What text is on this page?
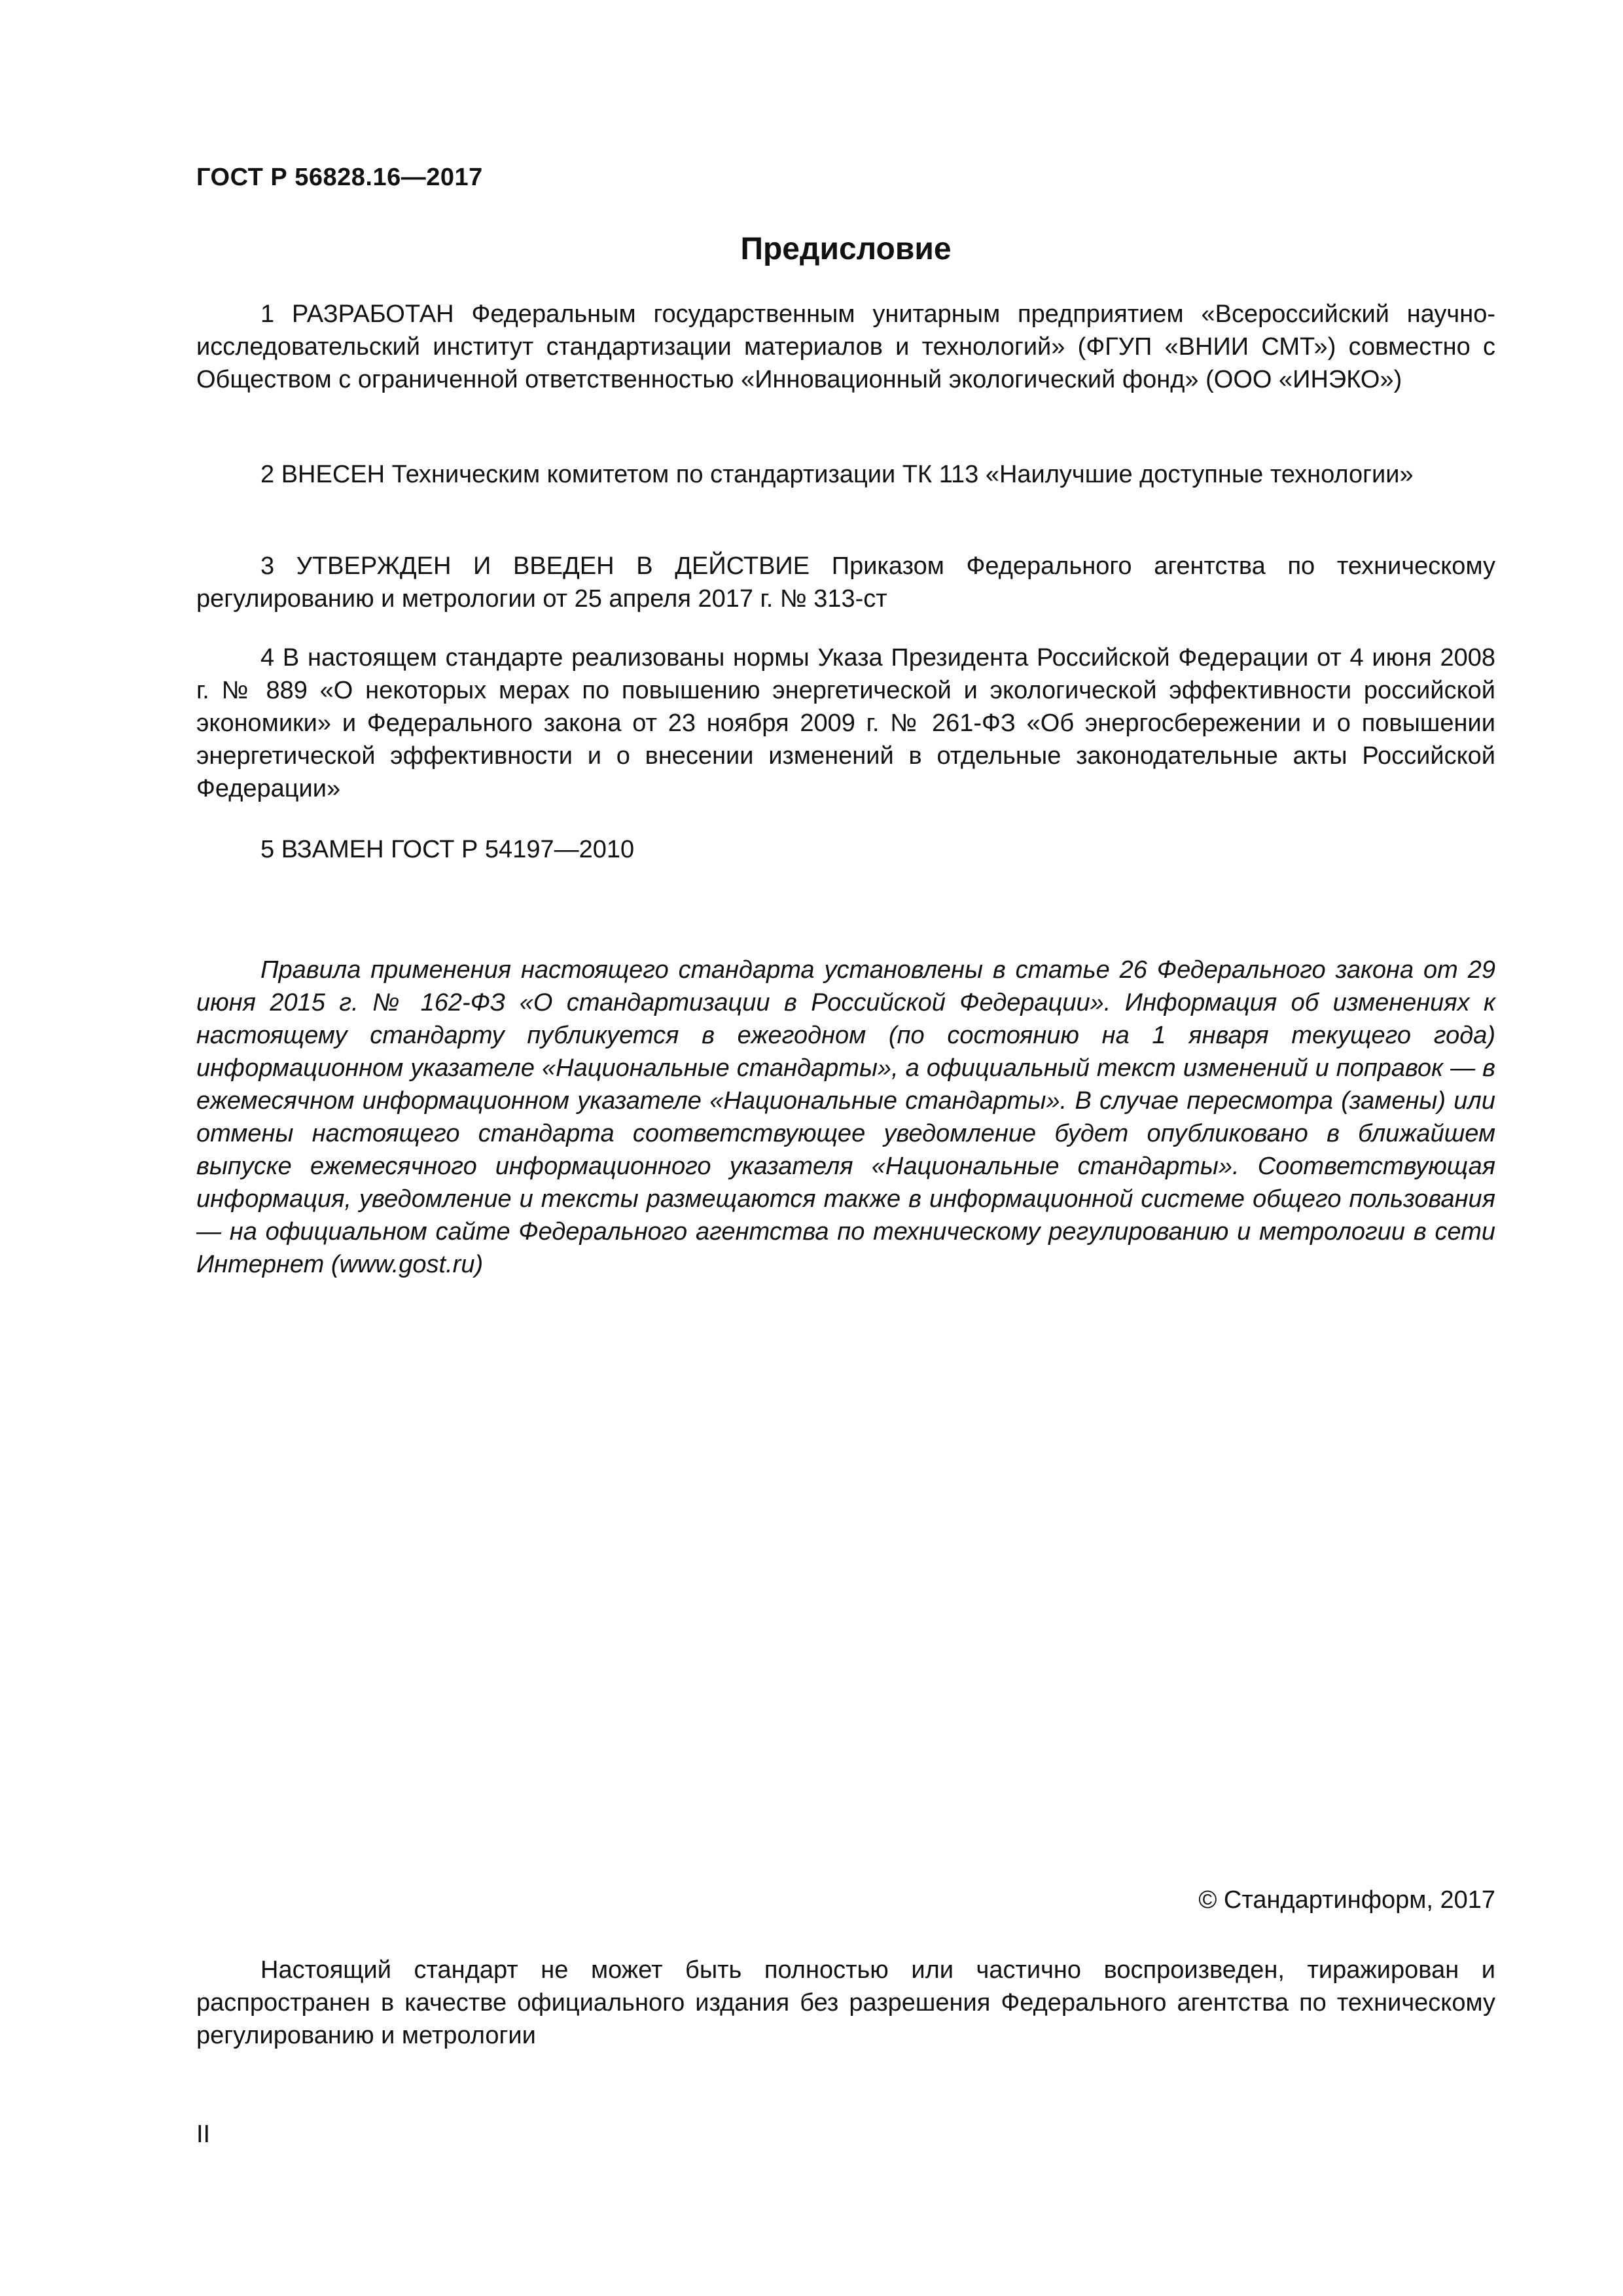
ГОСТ Р 56828.16—2017
Предисловие

1 РАЗРАБОТАН Федеральным государственным унитарным предприятием «Всероссийский научно-исследовательский институт стандартизации материалов и технологий» (ФГУП «ВНИИ СМТ») совместно с Обществом с ограниченной ответственностью «Инновационный экологический фонд» (ООО «ИНЭКО»)

2 ВНЕСЕН Техническим комитетом по стандартизации ТК 113 «Наилучшие доступные технологии»

3 УТВЕРЖДЕН И ВВЕДЕН В ДЕЙСТВИЕ Приказом Федерального агентства по техническому регулированию и метрологии от 25 апреля 2017 г. № 313-ст

4 В настоящем стандарте реализованы нормы Указа Президента Российской Федерации от 4 июня 2008 г. № 889 «О некоторых мерах по повышению энергетической и экологической эффективности российской экономики» и Федерального закона от 23 ноября 2009 г. № 261-ФЗ «Об энергосбережении и о повышении энергетической эффективности и о внесении изменений в отдельные законодательные акты Российской Федерации»

5 ВЗАМЕН ГОСТ Р 54197—2010

Правила применения настоящего стандарта установлены в статье 26 Федерального закона от 29 июня 2015 г. № 162-ФЗ «О стандартизации в Российской Федерации». Информация об изменениях к настоящему стандарту публикуется в ежегодном (по состоянию на 1 января текущего года) информационном указателе «Национальные стандарты», а официальный текст изменений и поправок — в ежемесячном информационном указателе «Национальные стандарты». В случае пересмотра (замены) или отмены настоящего стандарта соответствующее уведомление будет опубликовано в ближайшем выпуске ежемесячного информационного указателя «Национальные стандарты». Соответствующая информация, уведомление и тексты размещаются также в информационной системе общего пользования — на официальном сайте Федерального агентства по техническому регулированию и метрологии в сети Интернет (www.gost.ru)

© Стандартинформ, 2017

Настоящий стандарт не может быть полностью или частично воспроизведен, тиражирован и распространен в качестве официального издания без разрешения Федерального агентства по техническому регулированию и метрологии

II
